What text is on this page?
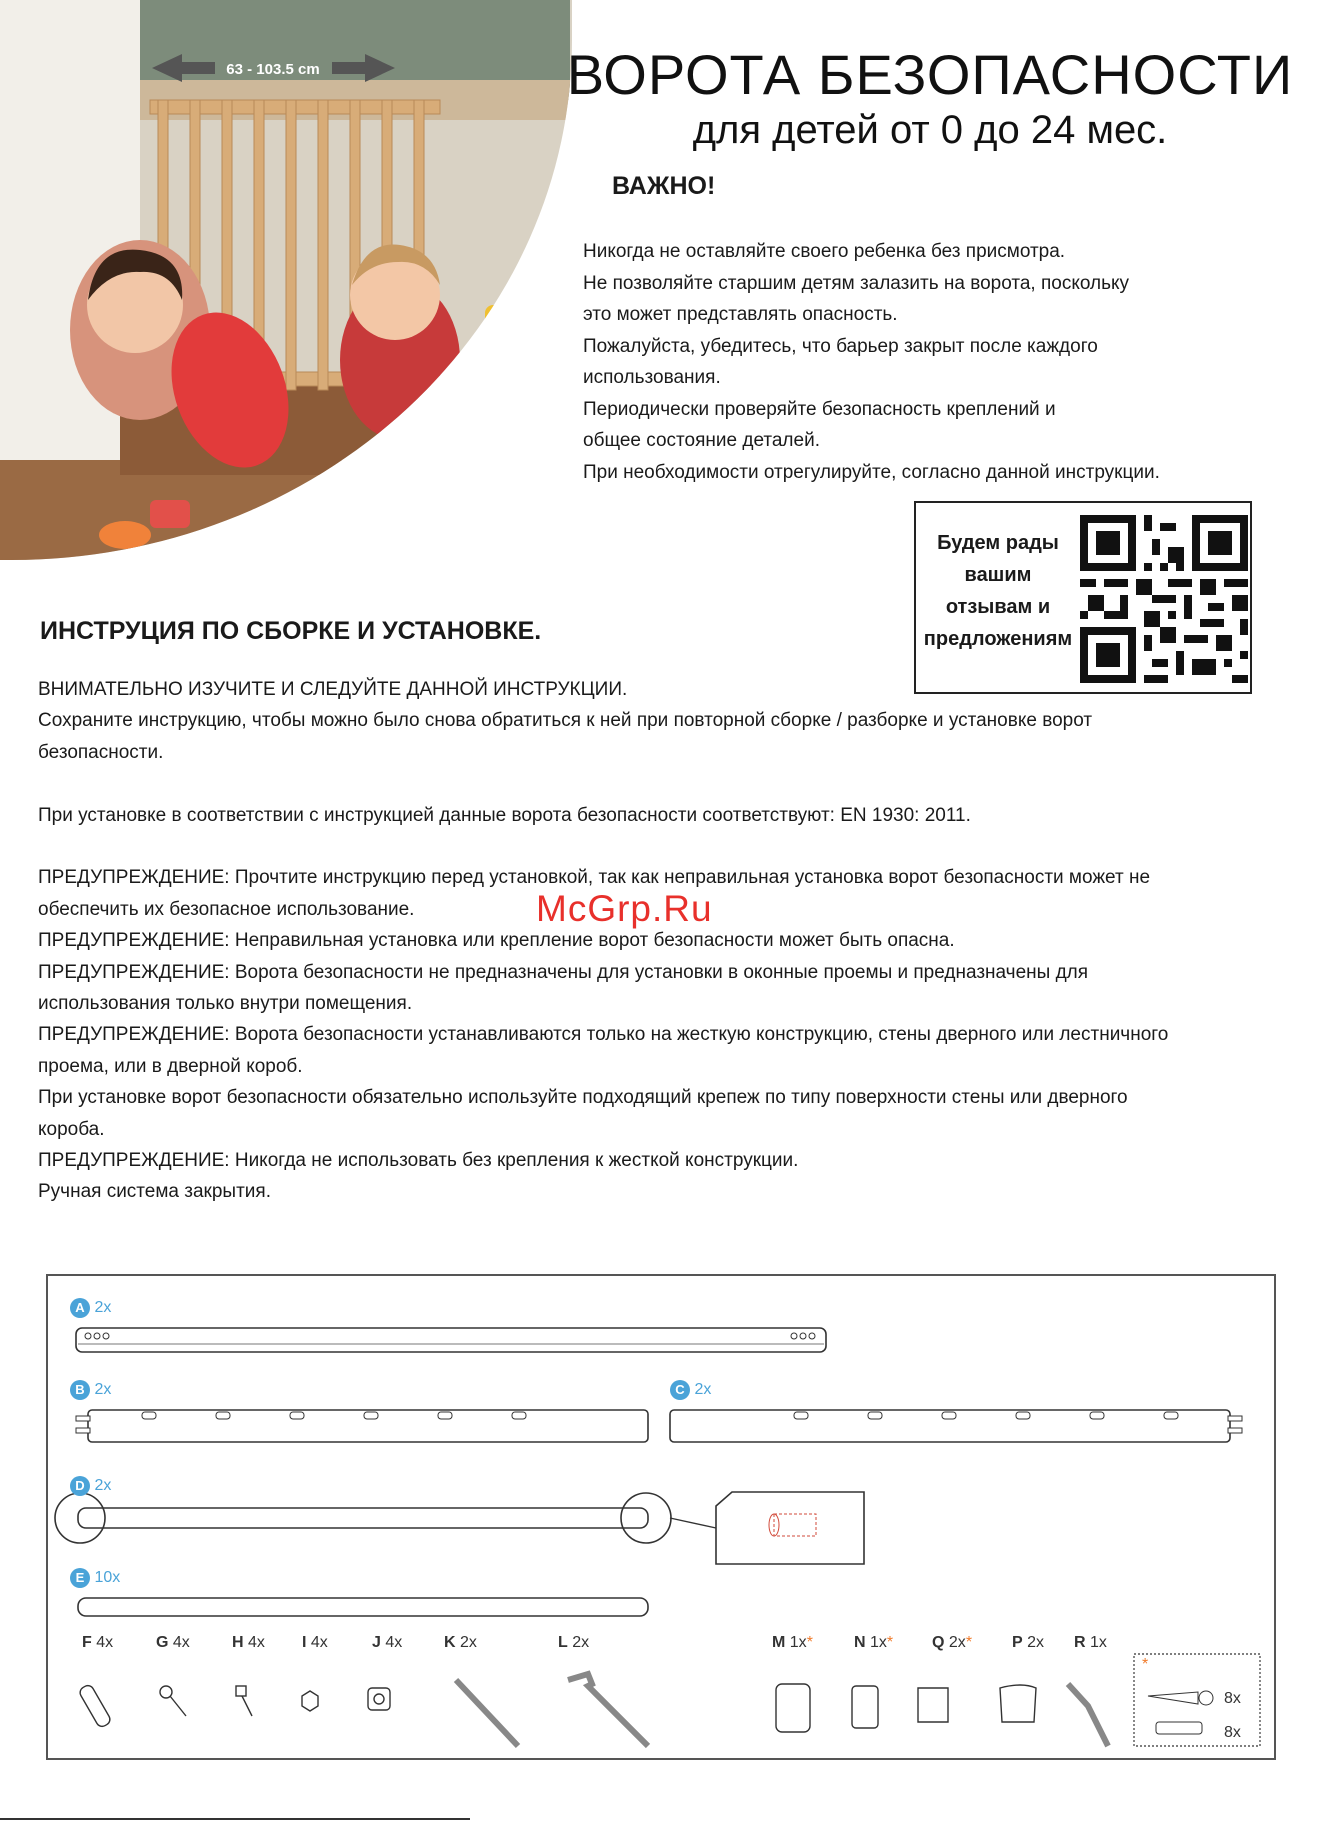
63 - 103.5 cm	ВОРОТА БЕЗОПАСНОСТИ
для детей от 0 до 24 мес.
ВАЖНО!
Никогда не оставляйте своего ребенка без присмотра.
Не позволяйте старшим детям залазить на ворота, поскольку
это может представлять опасность.
Пожалуйста, убедитесь, что барьер закрыт после каждого
использования.
Периодически проверяйте безопасность креплений и
общее состояние деталей.
При необходимости отрегулируйте, согласно данной инструкции.
Будем рады
вашим
отзывам и
предложениям
ИНСТРУЦИЯ ПО СБОРКЕ И УСТАНОВКЕ.

ВНИМАТЕЛЬНО ИЗУЧИТЕ И СЛЕДУЙТЕ ДАННОЙ ИНСТРУКЦИИ.

Сохраните инструкцию, чтобы можно было снова обратиться к ней при повторной сборке / разборке и установке ворот

безопасности.

При установке в соответствии с инструкцией данные ворота безопасности соответствуют: EN 1930: 2011.

ПРЕДУПРЕЖДЕНИЕ: Прочтите инструкцию перед установкой, так как неправильная установка ворот безопасности может не

обеспечить их безопасное использование.

ПРЕДУПРЕЖДЕНИЕ: Неправильная установка или крепление ворот безопасности может быть опасна.

ПРЕДУПРЕЖДЕНИЕ: Ворота безопасности не предназначены для установки в оконные проемы и предназначены для

использования только внутри помещения.

ПРЕДУПРЕЖДЕНИЕ: Ворота безопасности устанавливаются только на жесткую конструкцию, стены дверного или лестничного

проема, или в дверной короб.

При установке ворот безопасности обязательно используйте подходящий крепеж по типу поверхности стены или дверного

короба.

ПРЕДУПРЕЖДЕНИЕ: Никогда не использовать без крепления к жесткой конструкции.

Ручная система закрытия.

McGrp.Ru
A 2x
B 2x	C 2x
D 2x
E 10x
F 4x	G 4x	H 4x I 4x	J 4x	K 2x	L 2x	M 1x*	N 1x* Q 2x* P 2x R 1x
*
8x
8x
